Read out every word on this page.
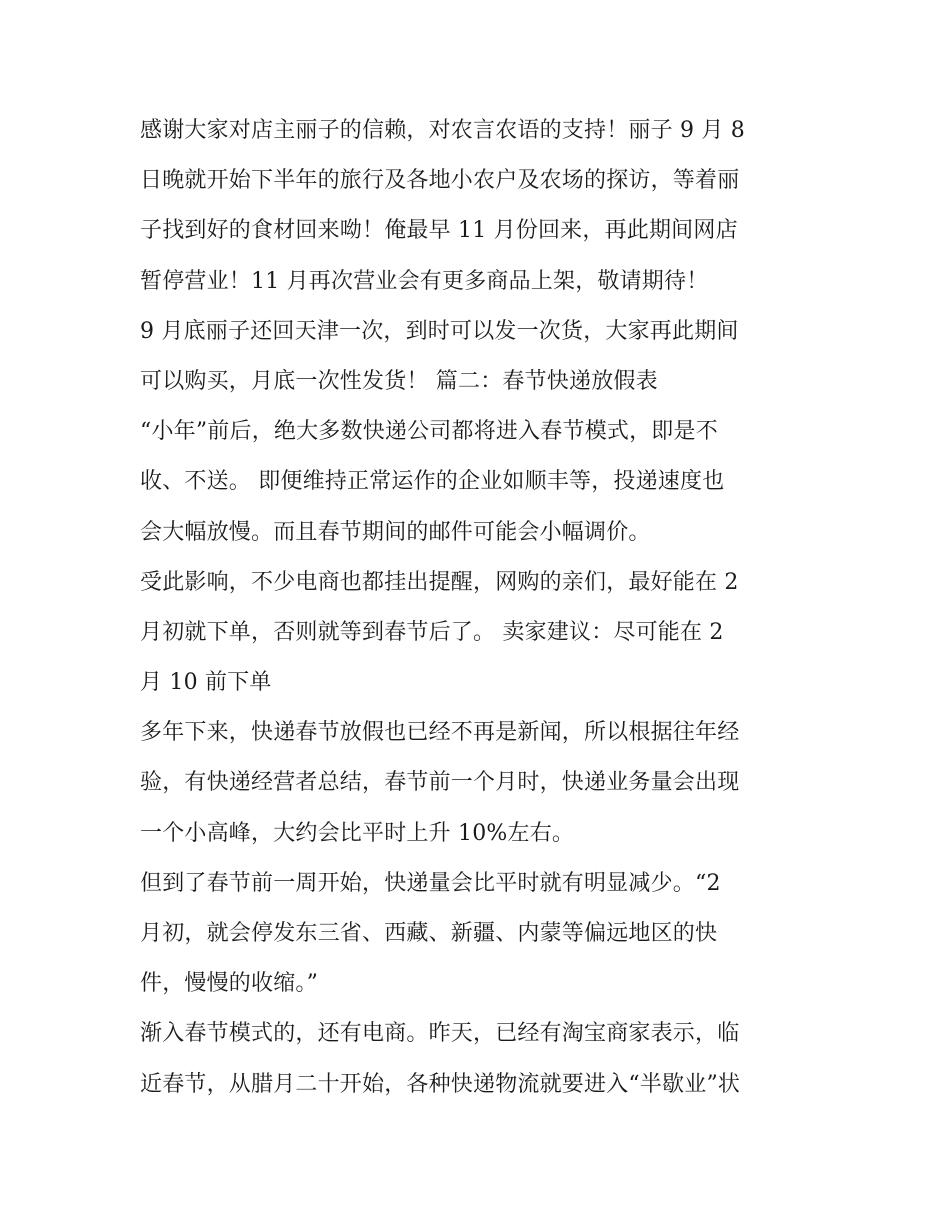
感谢大家对店主丽子的信赖，对农言农语的支持！丽子 9 月 8
日晚就开始下半年的旅行及各地小农户及农场的探访，等着丽
子找到好的食材回来呦！俺最早 11 月份回来，再此期间网店
暂停营业！11 月再次营业会有更多商品上架，敬请期待！
9 月底丽子还回天津一次，到时可以发一次货，大家再此期间
可以购买，月底一次性发货！ 篇二：春节快递放假表
“小年”前后，绝大多数快递公司都将进入春节模式，即是不
收、不送。 即便维持正常运作的企业如顺丰等，投递速度也
会大幅放慢。而且春节期间的邮件可能会小幅调价。
受此影响，不少电商也都挂出提醒，网购的亲们，最好能在 2
月初就下单，否则就等到春节后了。 卖家建议：尽可能在 2
月 10 前下单
多年下来，快递春节放假也已经不再是新闻，所以根据往年经
验，有快递经营者总结，春节前一个月时，快递业务量会出现
一个小高峰，大约会比平时上升 10%左右。
但到了春节前一周开始，快递量会比平时就有明显减少。“2
月初，就会停发东三省、西藏、新疆、内蒙等偏远地区的快
件，慢慢的收缩。”
渐入春节模式的，还有电商。昨天，已经有淘宝商家表示，临
近春节，从腊月二十开始，各种快递物流就要进入“半歇业”状
